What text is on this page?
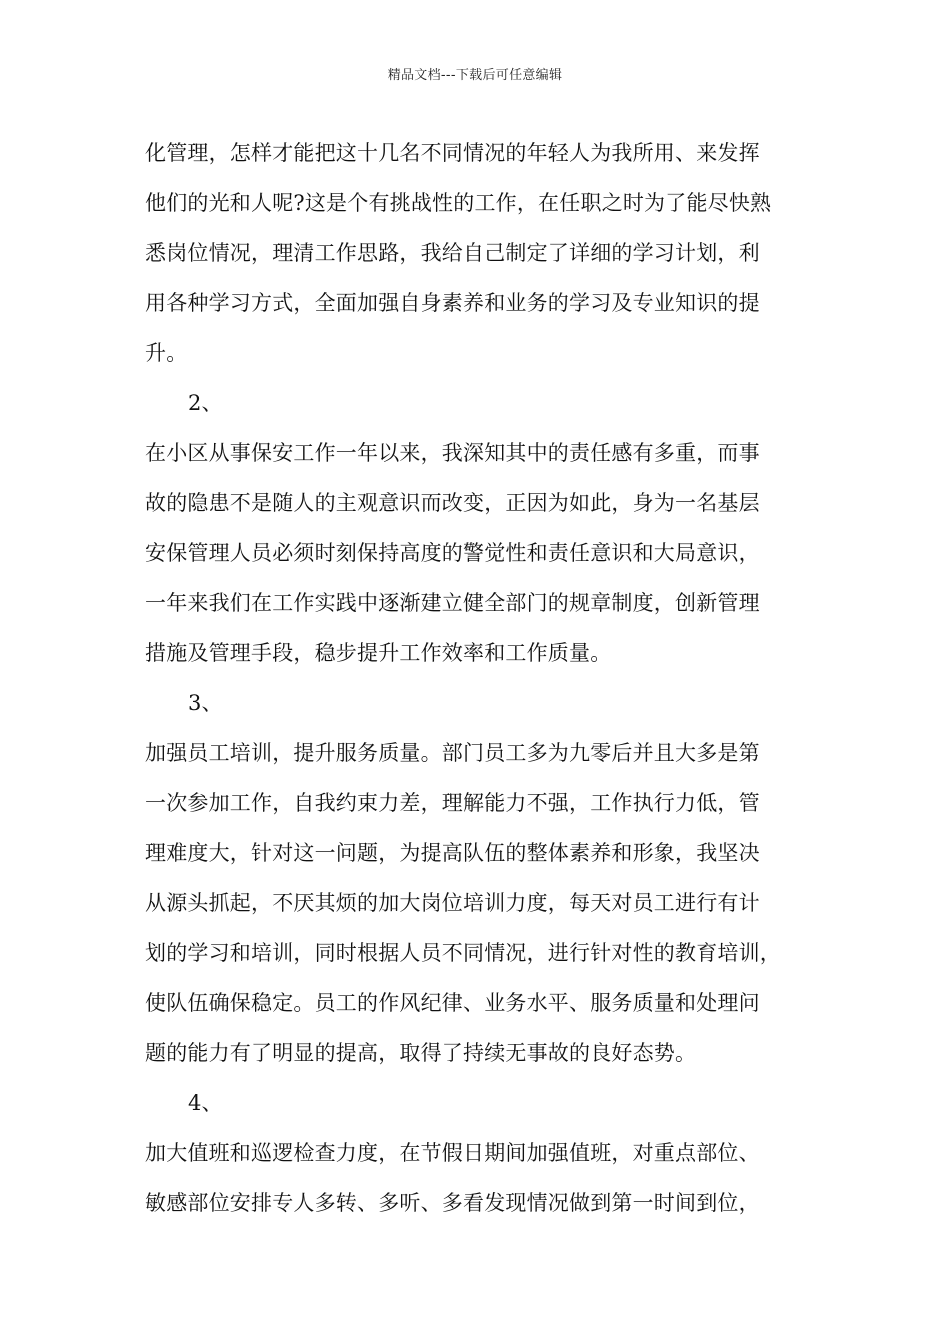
精品文档---下载后可任意编辑
化管理，怎样才能把这十几名不同情况的年轻人为我所用、来发挥
他们的光和人呢?这是个有挑战性的工作，在任职之时为了能尽快熟
悉岗位情况，理清工作思路，我给自己制定了详细的学习计划，利
用各种学习方式，全面加强自身素养和业务的学习及专业知识的提
升。
2、
在小区从事保安工作一年以来，我深知其中的责任感有多重，而事
故的隐患不是随人的主观意识而改变，正因为如此，身为一名基层
安保管理人员必须时刻保持高度的警觉性和责任意识和大局意识，
一年来我们在工作实践中逐渐建立健全部门的规章制度，创新管理
措施及管理手段，稳步提升工作效率和工作质量。
3、
加强员工培训，提升服务质量。部门员工多为九零后并且大多是第
一次参加工作，自我约束力差，理解能力不强，工作执行力低，管
理难度大，针对这一问题，为提高队伍的整体素养和形象，我坚决
从源头抓起，不厌其烦的加大岗位培训力度，每天对员工进行有计
划的学习和培训，同时根据人员不同情况，进行针对性的教育培训，
使队伍确保稳定。员工的作风纪律、业务水平、服务质量和处理问
题的能力有了明显的提高，取得了持续无事故的良好态势。
4、
加大值班和巡逻检查力度，在节假日期间加强值班，对重点部位、
敏感部位安排专人多转、多听、多看发现情况做到第一时间到位，
